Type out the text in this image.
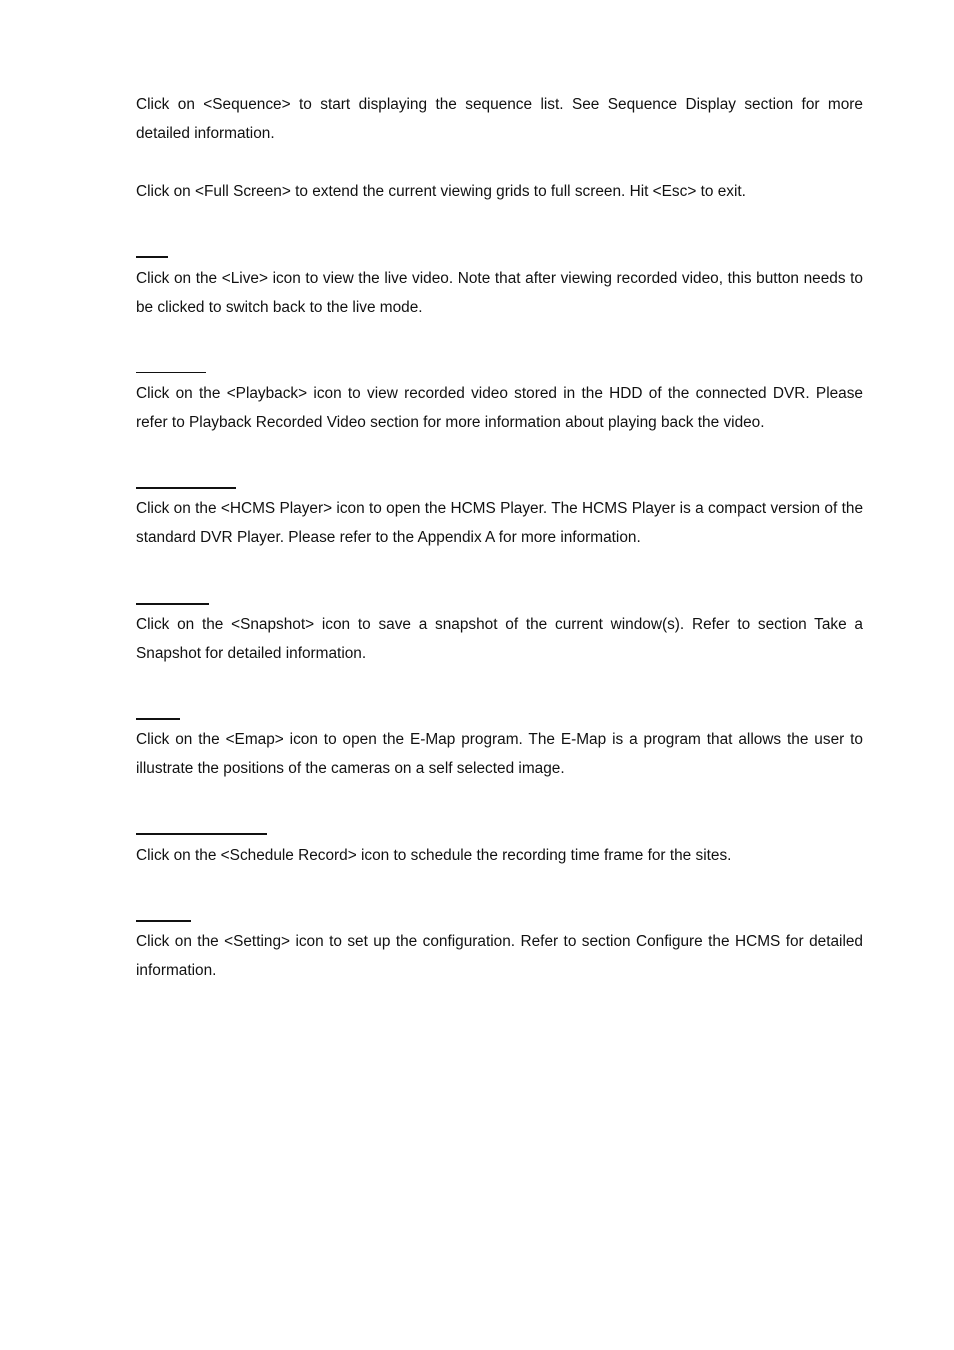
Click on <Sequence> to start displaying the sequence list. See Sequence Display section for more detailed information.

Click on <Full Screen> to extend the current viewing grids to full screen. Hit <Esc> to exit.

Click on the <Live> icon to view the live video. Note that after viewing recorded video, this button needs to be clicked to switch back to the live mode.

Click on the <Playback> icon to view recorded video stored in the HDD of the connected DVR. Please refer to Playback Recorded Video section for more information about playing back the video.

Click on the <HCMS Player> icon to open the HCMS Player. The HCMS Player is a compact version of the standard DVR Player. Please refer to the Appendix A for more information.

Click on the <Snapshot> icon to save a snapshot of the current window(s). Refer to section Take a Snapshot for detailed information.

Click on the <Emap> icon to open the E-Map program. The E-Map is a program that allows the user to illustrate the positions of the cameras on a self selected image.

Click on the <Schedule Record> icon to schedule the recording time frame for the sites.

Click on the <Setting> icon to set up the configuration. Refer to section Configure the HCMS for detailed information.
